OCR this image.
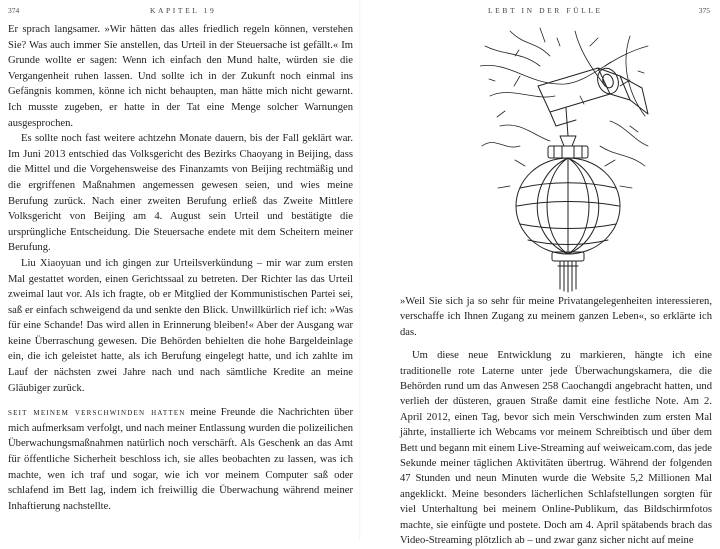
374	KAPITEL 19

Er sprach langsamer. »Wir hätten das alles friedlich regeln können, verstehen Sie? Was auch immer Sie anstellen, das Urteil in der Steuersache ist gefällt.« Im Grunde wollte er sagen: Wenn ich einfach den Mund halte, würden sie die Vergangenheit ruhen lassen. Und sollte ich in der Zukunft noch einmal ins Gefängnis kommen, könne ich nicht behaupten, man hätte mich nicht gewarnt. Ich musste zugeben, er hatte in der Tat eine Menge solcher Warnungen ausgesprochen.

Es sollte noch fast weitere achtzehn Monate dauern, bis der Fall geklärt war. Im Juni 2013 entschied das Volksgericht des Bezirks Chaoyang in Beijing, dass die Mittel und die Vorgehensweise des Finanzamts von Beijing rechtmäßig und die ergriffenen Maßnahmen angemessen gewesen seien, und wies meine Berufung zurück. Nach einer zweiten Berufung erließ das Zweite Mittlere Volksgericht von Beijing am 4. August sein Urteil und bestätigte die ursprüngliche Entscheidung. Die Steuersache endete mit dem Scheitern meiner Berufung.

Liu Xiaoyuan und ich gingen zur Urteilsverkündung – mir war zum ersten Mal gestattet worden, einen Gerichtssaal zu betreten. Der Richter las das Urteil zweimal laut vor. Als ich fragte, ob er Mitglied der Kommunistischen Partei sei, saß er einfach schweigend da und senkte den Blick. Unwillkürlich rief ich: »Was für eine Schande! Das wird allen in Erinnerung bleiben!« Aber der Ausgang war keine Überraschung gewesen. Die Behörden behielten die hohe Bargeldeinlage ein, die ich geleistet hatte, als ich Berufung eingelegt hatte, und ich zahlte im Lauf der nächsten zwei Jahre nach und nach sämtliche Kredite an meine Gläubiger zurück.

seit meinem verschwinden hatten meine Freunde die Nachrichten über mich aufmerksam verfolgt, und nach meiner Entlassung wurden die polizeilichen Überwachungsmaßnahmen natürlich noch verschärft. Als Geschenk an das Amt für öffentliche Sicherheit beschloss ich, sie alles beobachten zu lassen, was ich machte, wen ich traf und sogar, wie ich vor meinem Computer saß oder schlafend im Bett lag, indem ich freiwillig die Überwachung während meiner Inhaftierung nachstellte.

375
LEBT IN DER FÜLLE

»Weil Sie sich ja so sehr für meine Privatangelegenheiten interessieren, verschaffe ich Ihnen Zugang zu meinem ganzen Leben«, so erklärte ich das.

Um diese neue Entwicklung zu markieren, hängte ich eine traditionelle rote Laterne unter jede Überwachungskamera, die die Behörden rund um das Anwesen 258 Caochangdi angebracht hatten, und verlieh der düsteren, grauen Straße damit eine festliche Note. Am 2. April 2012, einen Tag, bevor sich mein Verschwinden zum ersten Mal jährte, installierte ich Webcams vor meinem Schreibtisch und über dem Bett und begann mit einem Live-Streaming auf weiweicam.com, das jede Sekunde meiner täglichen Aktivitäten übertrug. Während der folgenden 47 Stunden und neun Minuten wurde die Website 5,2 Millionen Mal angeklickt. Meine besonders lächerlichen Schlafstellungen sorgten für viel Unterhaltung bei meinem Online-Publikum, das Bildschirmfotos machte, sie einfügte und postete. Doch am 4. April spätabends brach das Video-Streaming plötzlich ab – und zwar ganz sicher nicht auf meine
